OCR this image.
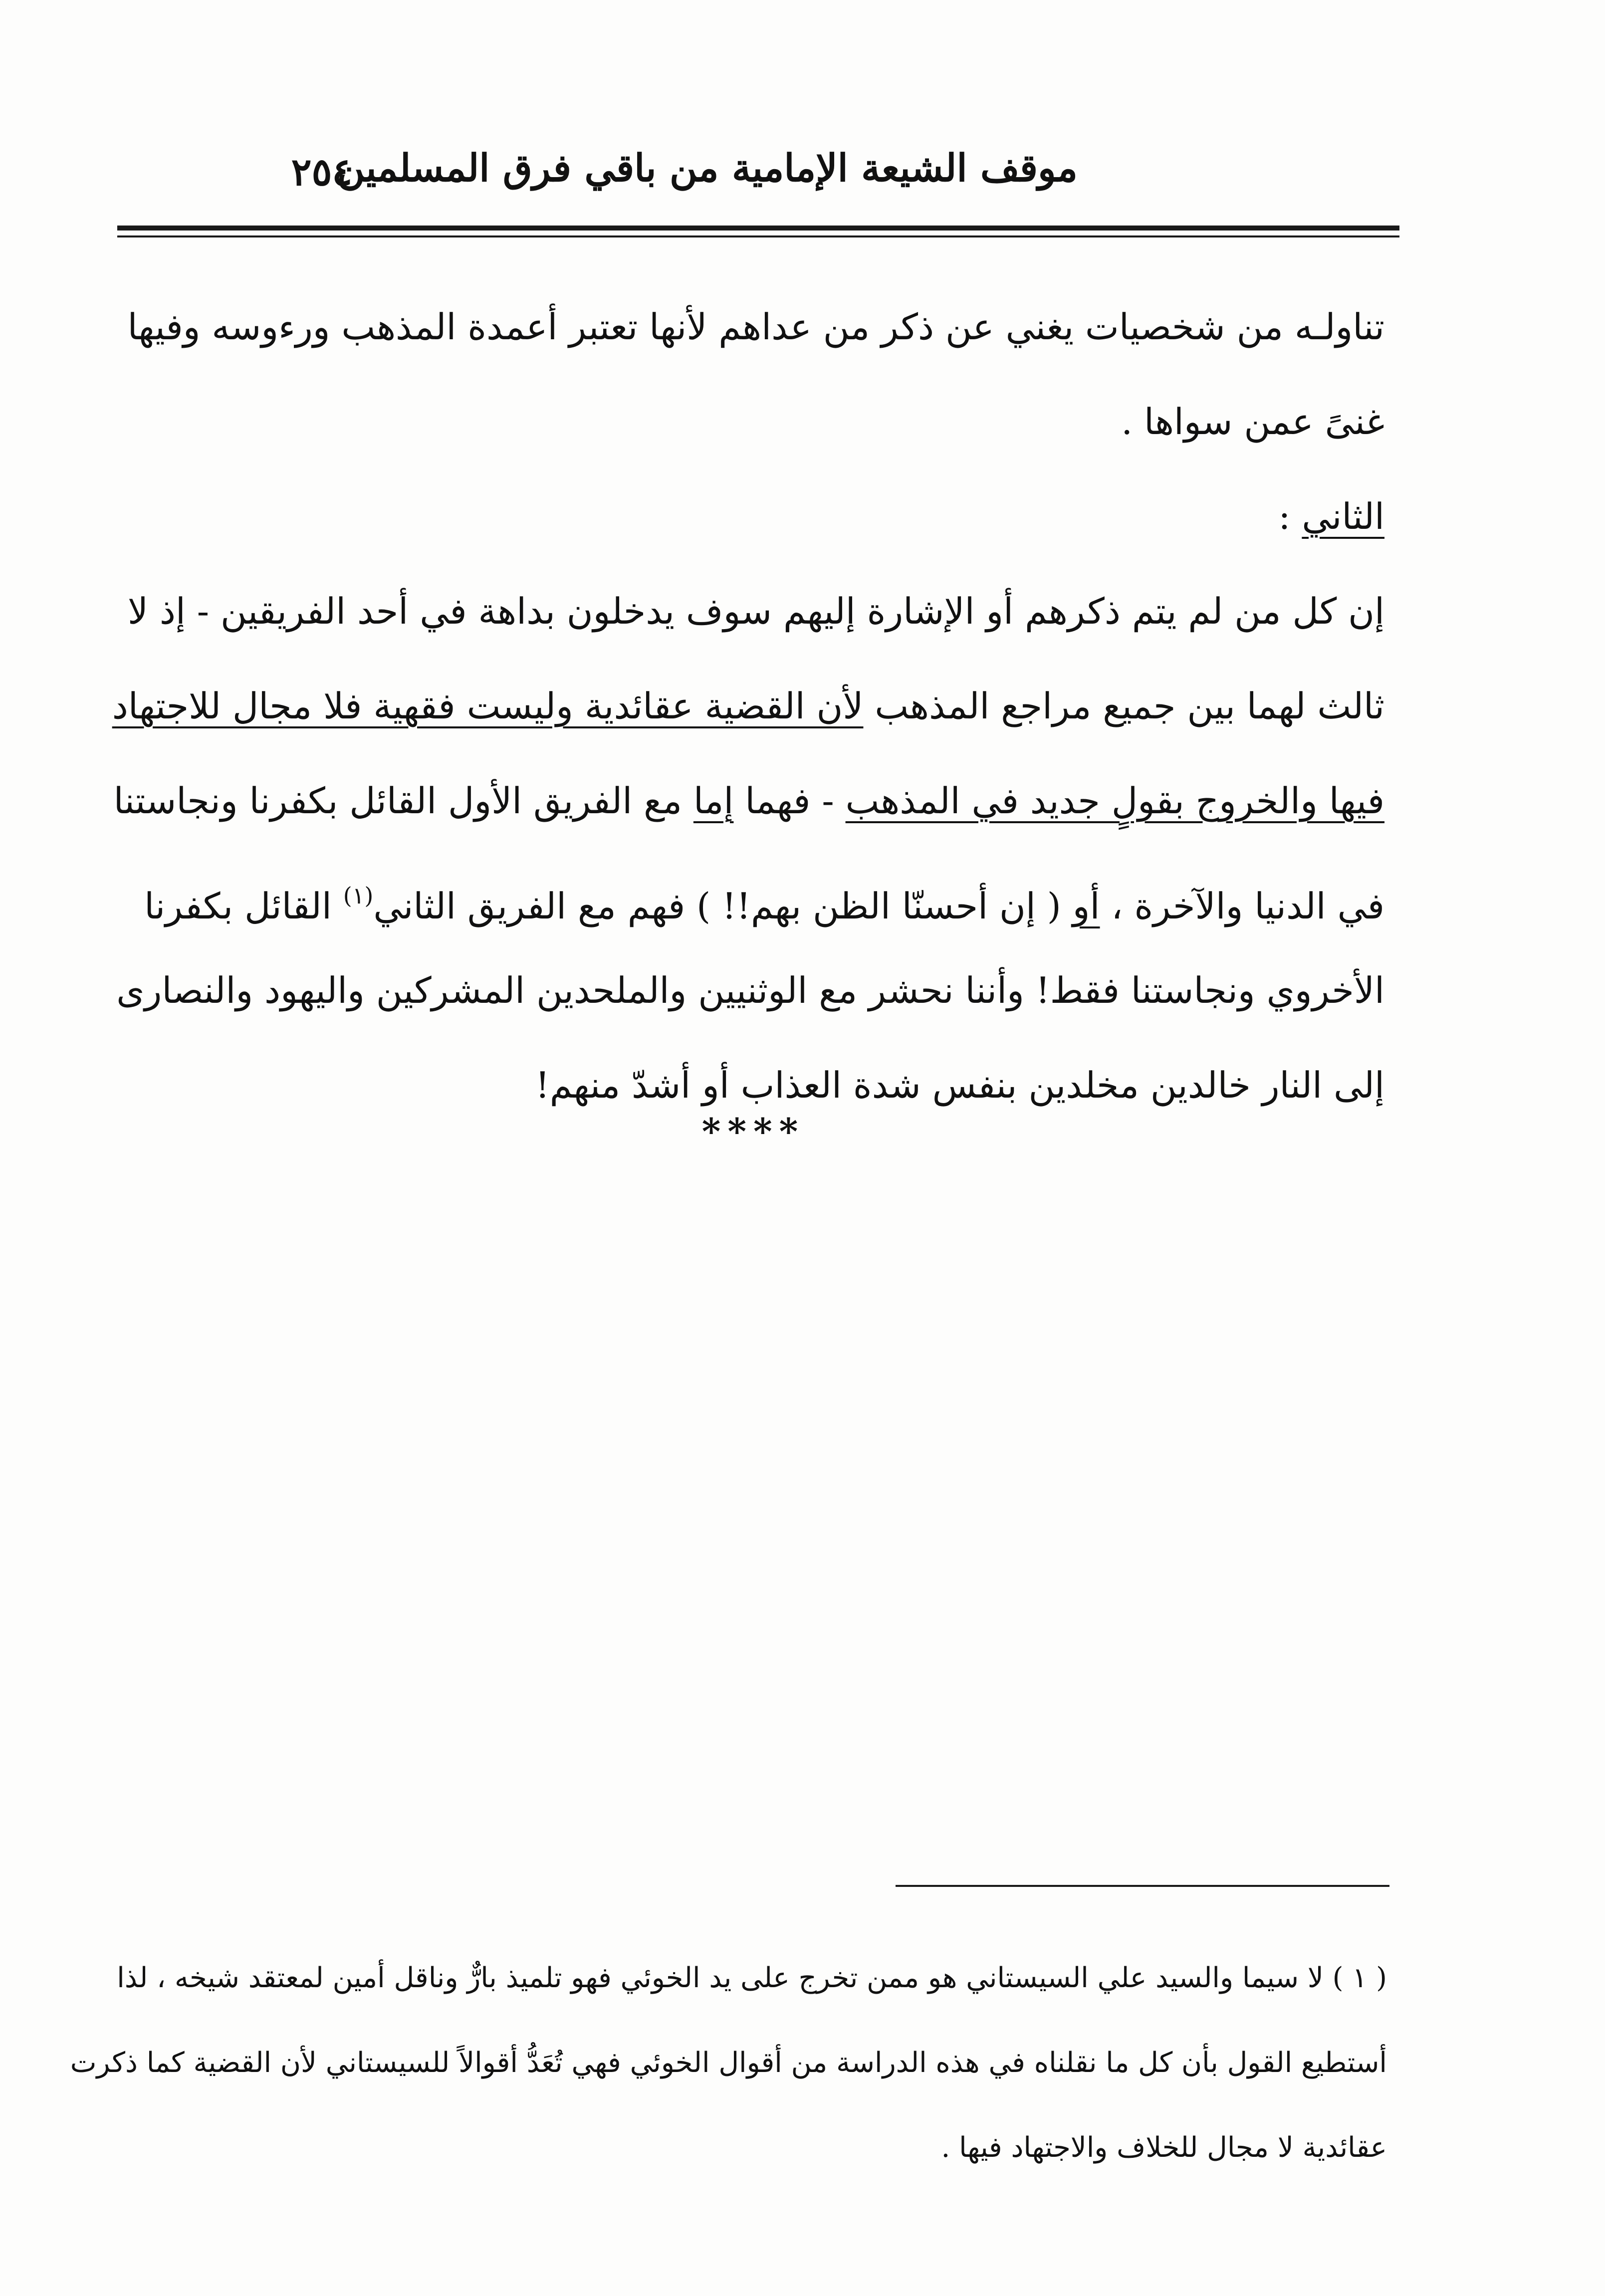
موقف الشيعة الإمامية من باقي فرق المسلمين
٢٥٤
تناولـه من شخصيات يغني عن ذكر من عداهم لأنها تعتبر أعمدة المذهب ورءوسه وفيها
غنىً عمن سواها .
الثاني :
إن كل من لم يتم ذكرهم أو الإشارة إليهم سوف يدخلون بداهة في أحد الفريقين - إذ لا
ثالث لهما بين جميع مراجع المذهب لأن القضية عقائدية وليست فقهية فلا مجال للاجتهاد
فيها والخروج بقولٍ جديد في المذهب - فهما إما مع الفريق الأول القائل بكفرنا ونجاستنا
في الدنيا والآخرة ، أو ( إن أحسنّا الظن بهم!! ) فهم مع الفريق الثاني$^{(١)}$ القائل بكفرنا
الأخروي ونجاستنا فقط! وأننا نحشر مع الوثنيين والملحدين المشركين واليهود والنصارى
إلى النار خالدين مخلدين بنفس شدة العذاب أو أشدّ منهم!
****
( ١ ) لا سيما والسيد علي السيستاني هو ممن تخرج على يد الخوئي فهو تلميذ بارٌّ وناقل أمين لمعتقد شيخه ، لذا
أستطيع القول بأن كل ما نقلناه في هذه الدراسة من أقوال الخوئي فهي تُعَدُّ أقوالاً للسيستاني لأن القضية كما ذكرت
عقائدية لا مجال للخلاف والاجتهاد فيها .
